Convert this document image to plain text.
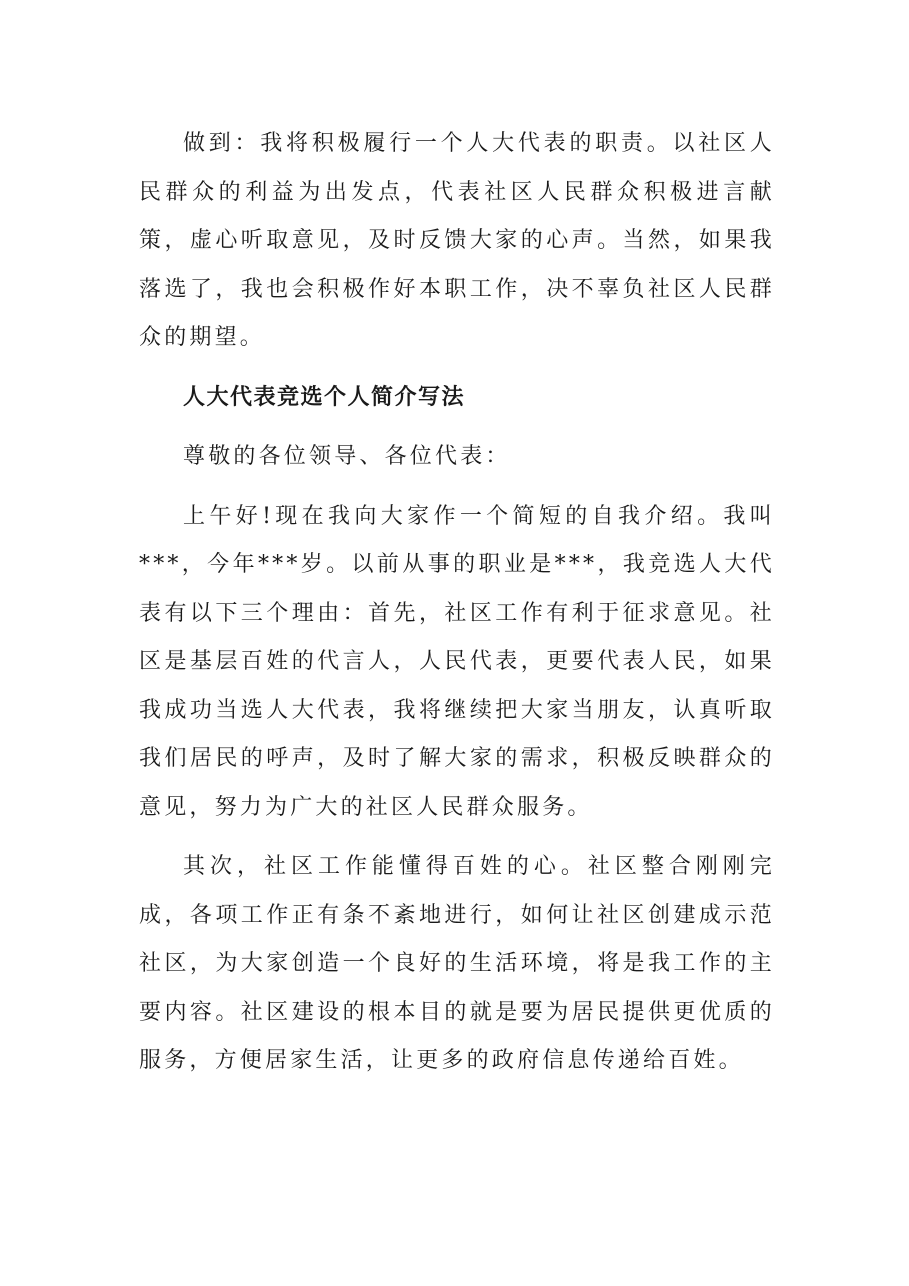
做到：我将积极履行一个人大代表的职责。以社区人民群众的利益为出发点，代表社区人民群众积极进言献策，虚心听取意见，及时反馈大家的心声。当然，如果我落选了，我也会积极作好本职工作，决不辜负社区人民群众的期望。

人大代表竞选个人简介写法

尊敬的各位领导、各位代表：

上午好!现在我向大家作一个简短的自我介绍。我叫***，今年***岁。以前从事的职业是***，我竞选人大代表有以下三个理由：首先，社区工作有利于征求意见。社区是基层百姓的代言人，人民代表，更要代表人民，如果我成功当选人大代表，我将继续把大家当朋友，认真听取我们居民的呼声，及时了解大家的需求，积极反映群众的意见，努力为广大的社区人民群众服务。

其次，社区工作能懂得百姓的心。社区整合刚刚完成，各项工作正有条不紊地进行，如何让社区创建成示范社区，为大家创造一个良好的生活环境，将是我工作的主要内容。社区建设的根本目的就是要为居民提供更优质的服务，方便居家生活，让更多的政府信息传递给百姓。
